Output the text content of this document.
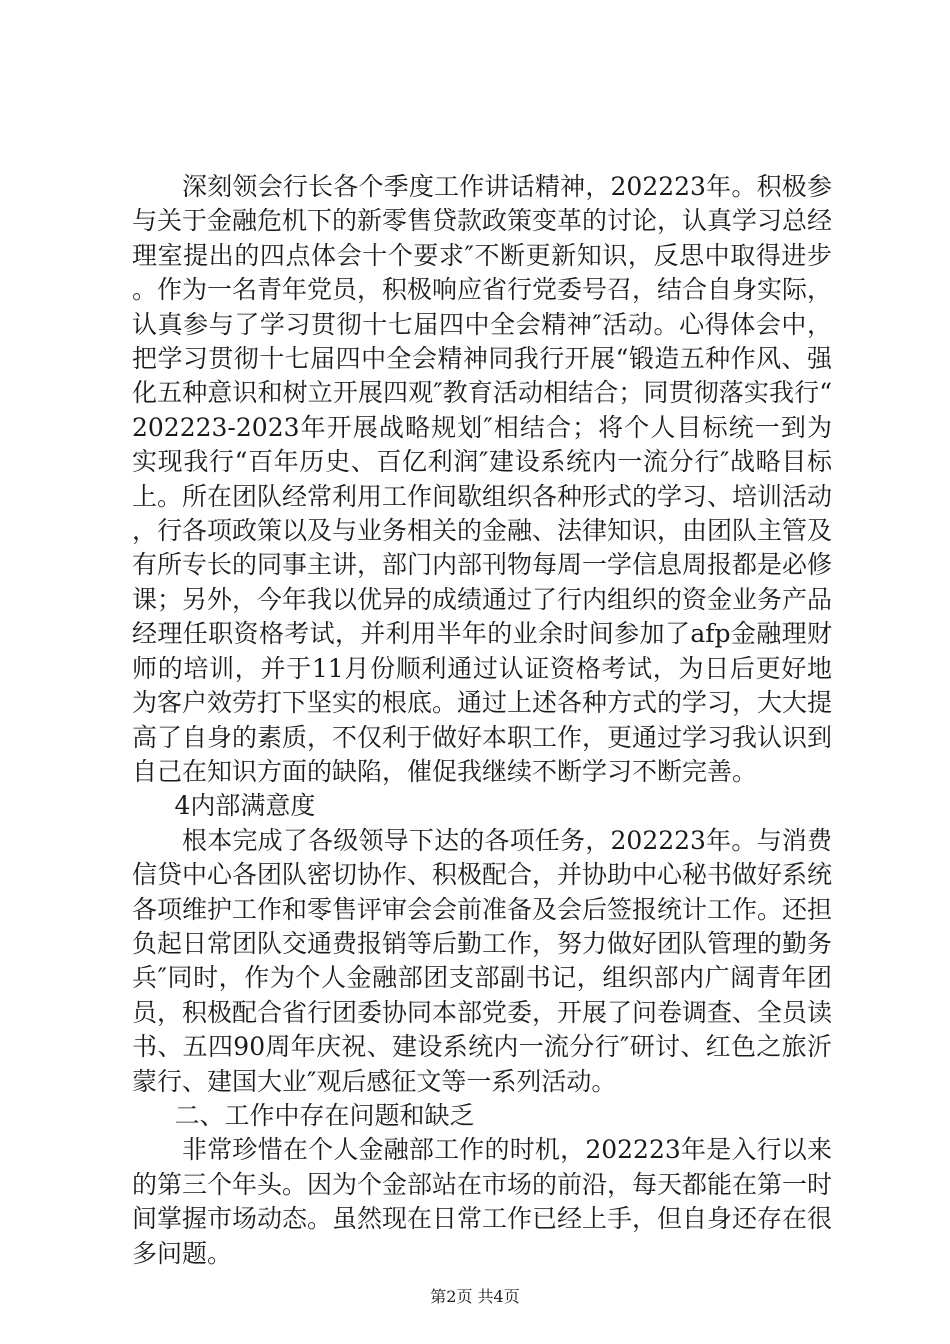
深刻领会行长各个季度工作讲话精神，202223年。积极参与关于金融危机下的新零售贷款政策变革的讨论，认真学习总经理室提出的四点体会十个要求″不断更新知识，反思中取得进步。作为一名青年党员，积极响应省行党委号召，结合自身实际，认真参与了学习贯彻十七届四中全会精神″活动。心得体会中，把学习贯彻十七届四中全会精神同我行开展“锻造五种作风、强化五种意识和树立开展四观″教育活动相结合；同贯彻落实我行“202223-2023年开展战略规划″相结合；将个人目标统一到为实现我行“百年历史、百亿利润″建设系统内一流分行″战略目标上。所在团队经常利用工作间歇组织各种形式的学习、培训活动，行各项政策以及与业务相关的金融、法律知识，由团队主管及有所专长的同事主讲，部门内部刊物每周一学信息周报都是必修课；另外，今年我以优异的成绩通过了行内组织的资金业务产品经理任职资格考试，并利用半年的业余时间参加了afp金融理财师的培训，并于11月份顺利通过认证资格考试，为日后更好地为客户效劳打下坚实的根底。通过上述各种方式的学习，大大提高了自身的素质，不仅利于做好本职工作，更通过学习我认识到自己在知识方面的缺陷，催促我继续不断学习不断完善。

4内部满意度

根本完成了各级领导下达的各项任务，202223年。与消费信贷中心各团队密切协作、积极配合，并协助中心秘书做好系统各项维护工作和零售评审会会前准备及会后签报统计工作。还担负起日常团队交通费报销等后勤工作，努力做好团队管理的勤务兵″同时，作为个人金融部团支部副书记，组织部内广阔青年团员，积极配合省行团委协同本部党委，开展了问卷调查、全员读书、五四90周年庆祝、建设系统内一流分行″研讨、红色之旅沂蒙行、建国大业″观后感征文等一系列活动。

二、工作中存在问题和缺乏

非常珍惜在个人金融部工作的时机，202223年是入行以来的第三个年头。因为个金部站在市场的前沿，每天都能在第一时间掌握市场动态。虽然现在日常工作已经上手，但自身还存在很多问题。

第2页 共4页
